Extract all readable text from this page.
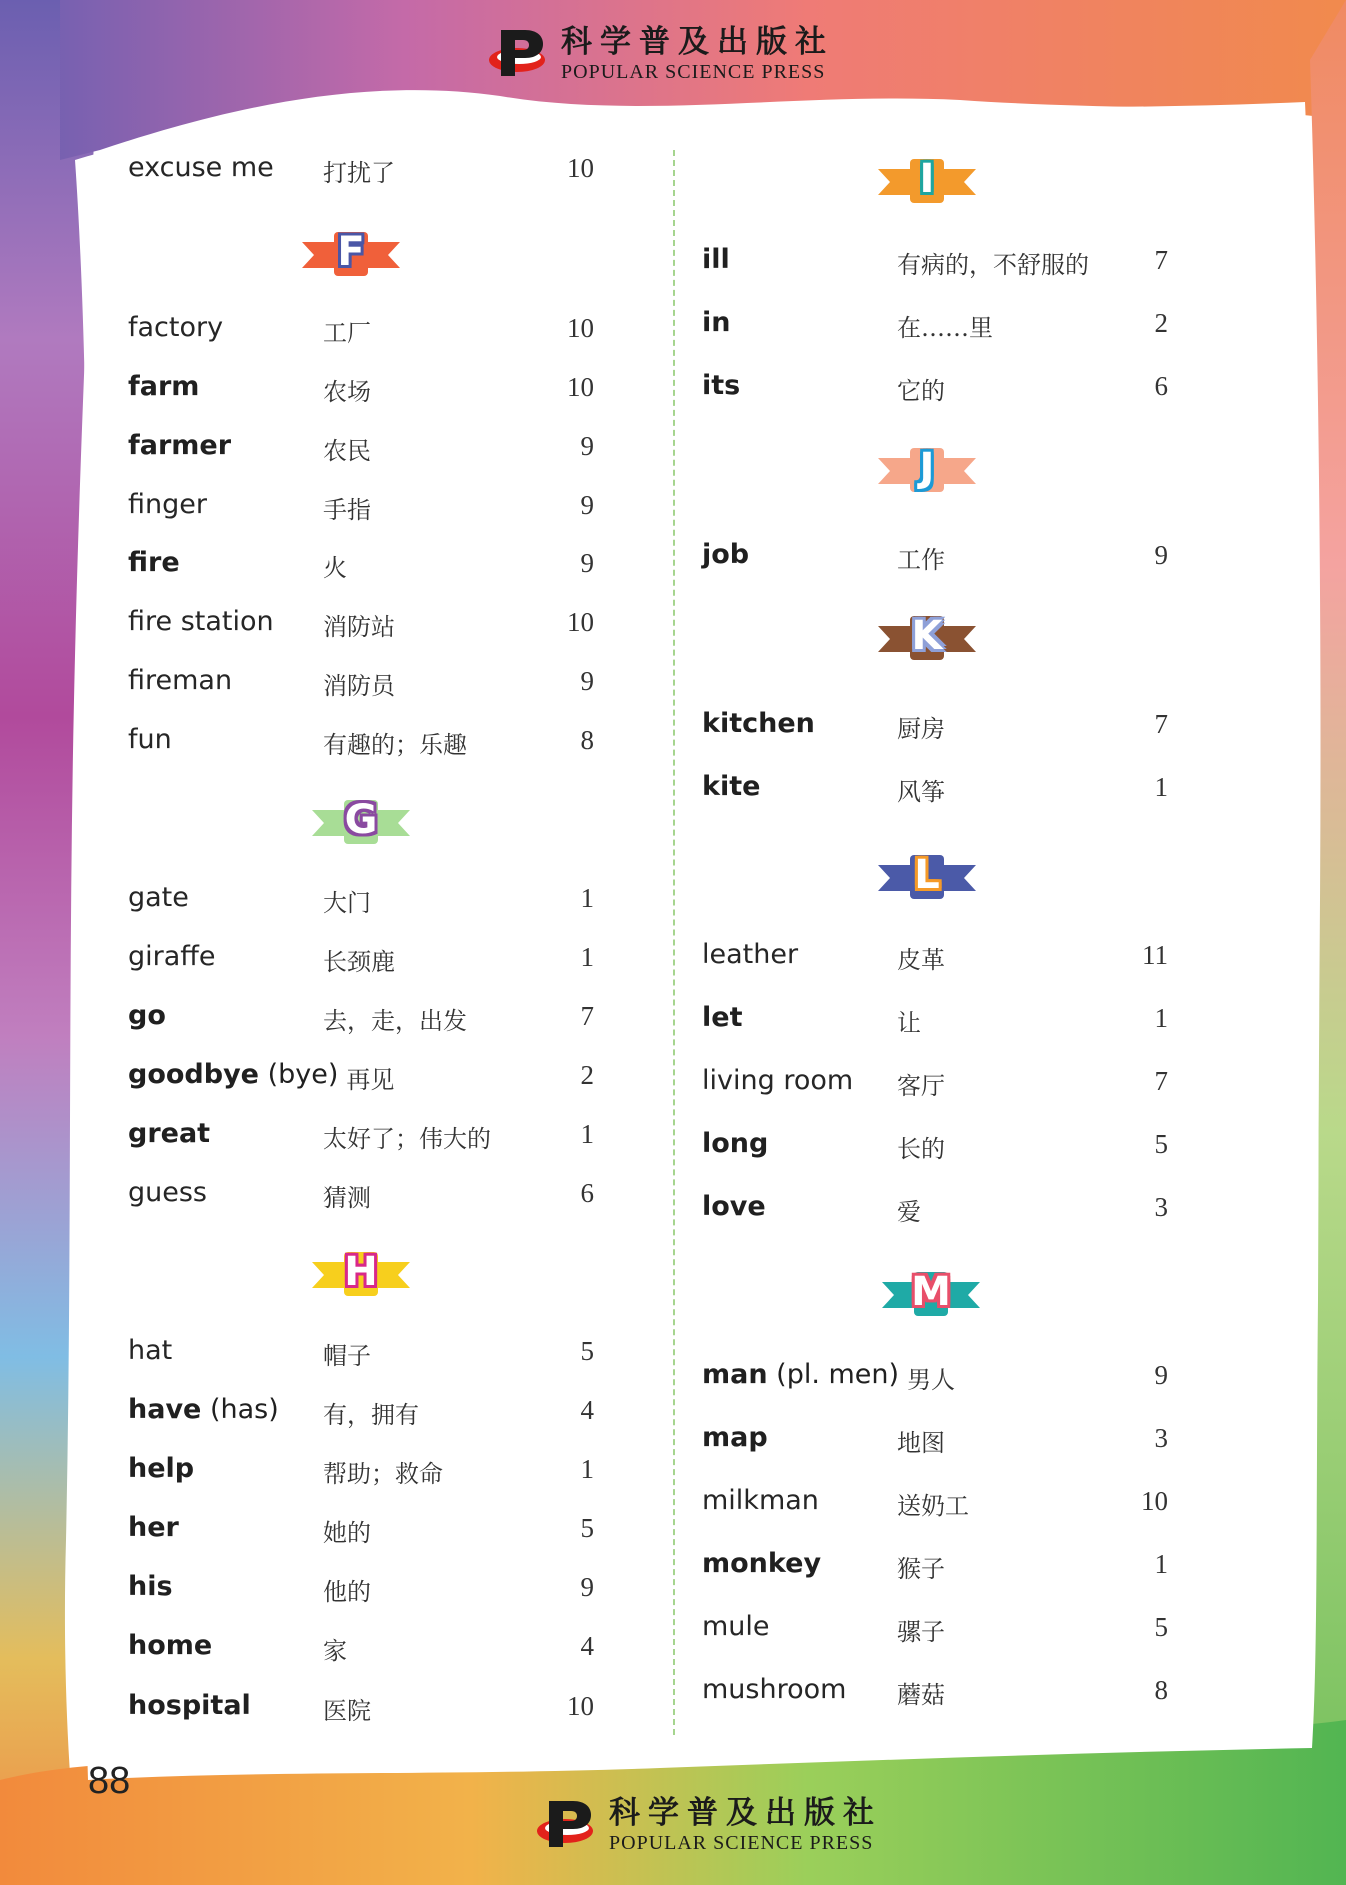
科学普及出版社
POPULAR SCIENCE PRESS
科学普及出版社
POPULAR SCIENCE PRESS
excuse me 打扰了	10
factory	工厂	10
farm	农场	10
farmer	农民	9
finger	手指	9
fire	火	9
fire station 消防站	10
fireman	消防员	9
fun	有趣的；乐趣	8
gate	大门	1
giraffe	长颈鹿	1
go	去，走，出发	7
goodbye (bye) 再见	2
great	太好了；伟大的	1
guess	猜测	6
hat	帽子	5
have (has) 有，拥有	4
help	帮助；救命	1
her	她的	5
his	他的	9
home	家	4
hospital	医院	10
ill	有病的，不舒服的 7
in	在……里	2
its	它的	6
job	工作	9
kitchen	厨房	7
kite	风筝	1
leather	皮革	11
let	让	1
living room 客厅	7
long	长的	5
love	爱	3
man (pl. men) 男人	9
map	地图	3
milkman	送奶工	10
monkey	猴子	1
mule	骡子	5
mushroom 蘑菇	8
88
F
G
H
I
J
K
L
M
